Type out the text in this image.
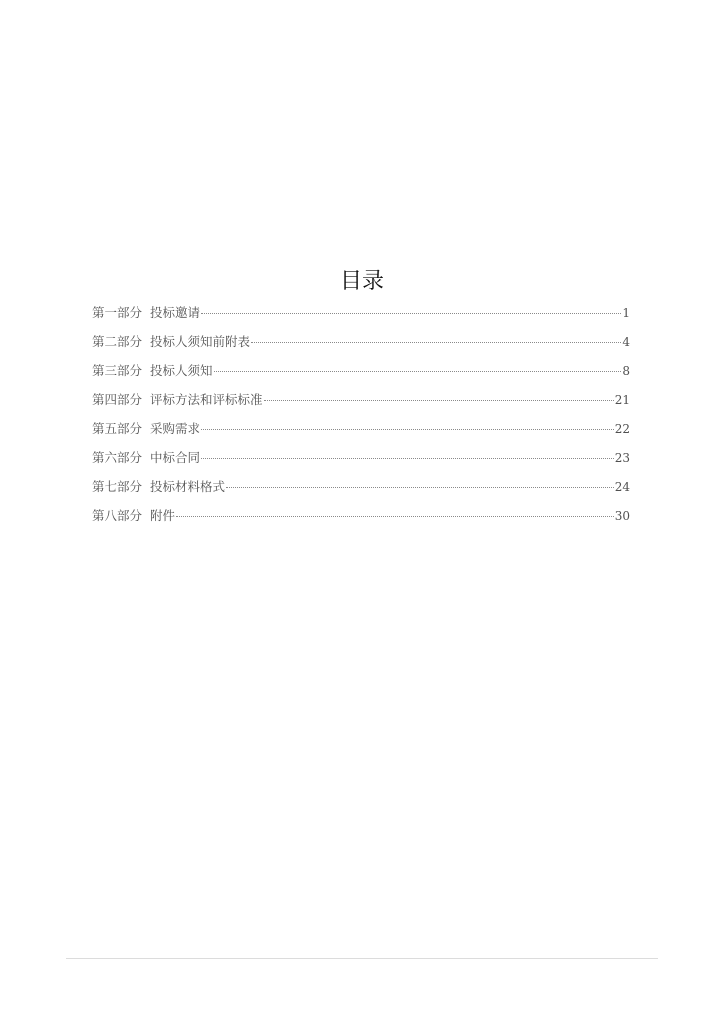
目录
第一部分 投标邀请	1
第二部分 投标人须知前附表	4
第三部分 投标人须知	8
第四部分 评标方法和评标标准	21
第五部分 采购需求	22
第六部分 中标合同	23
第七部分 投标材料格式	24
第八部分 附件	30
